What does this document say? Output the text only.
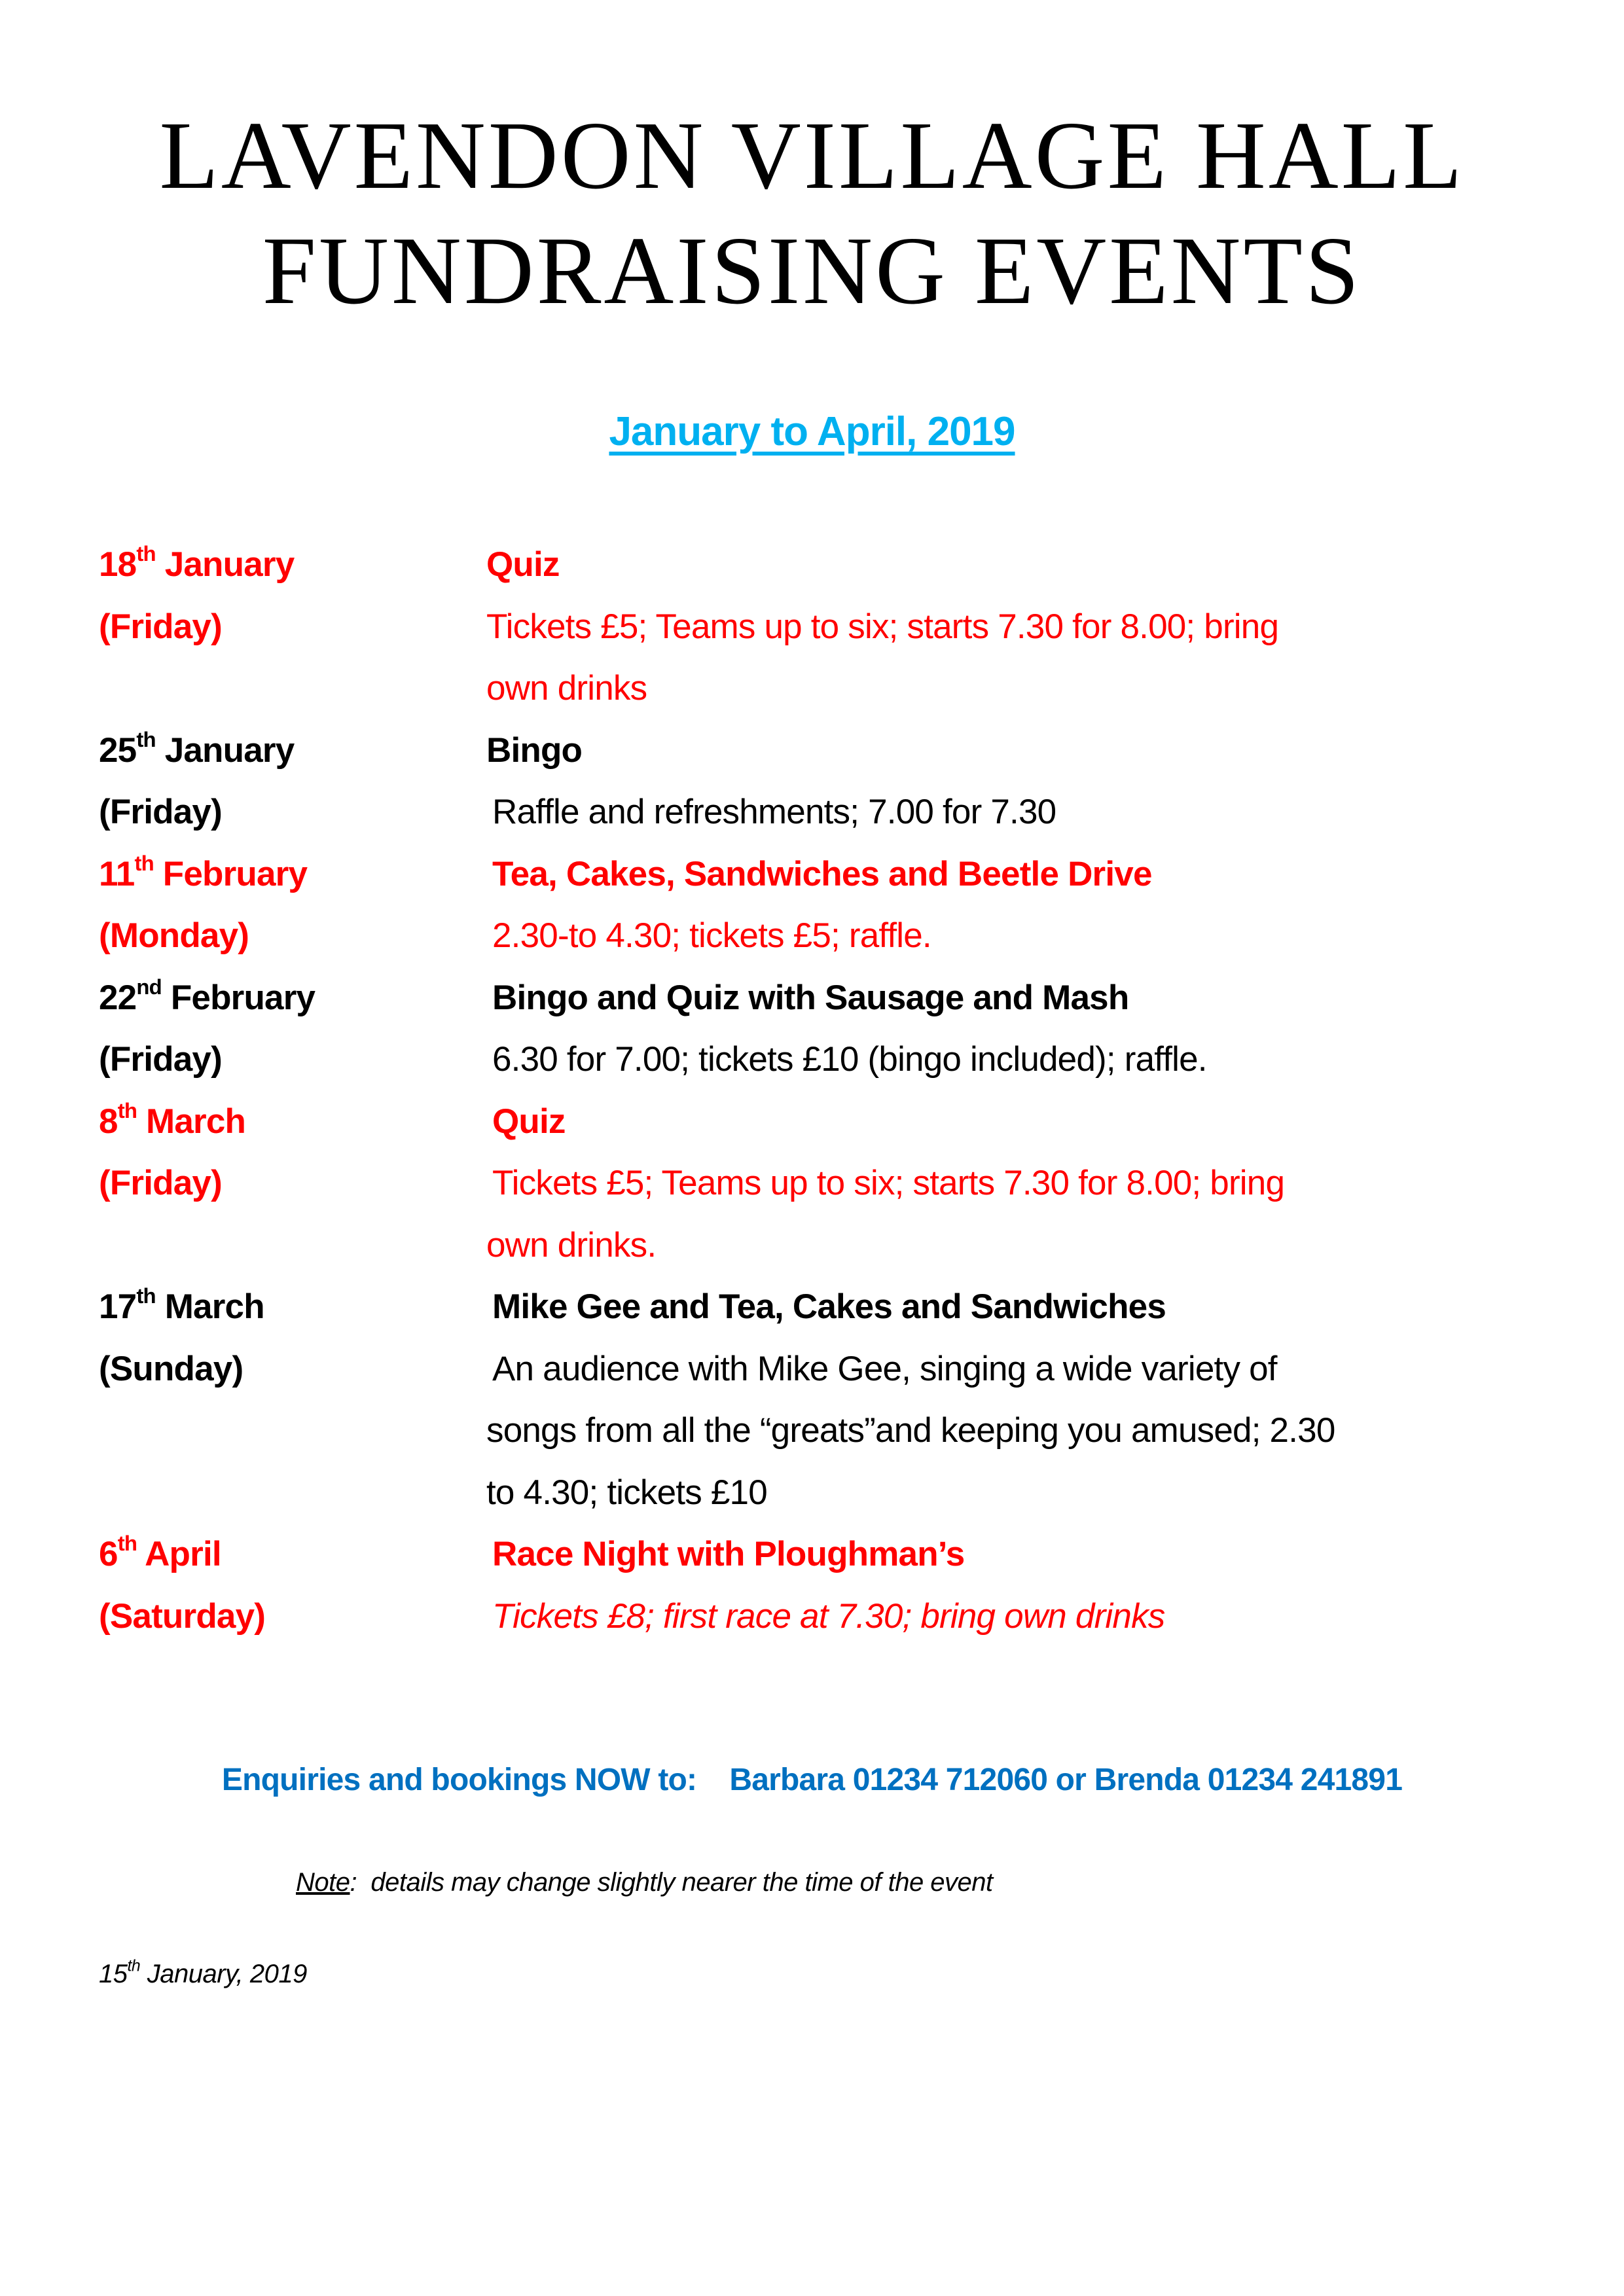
LAVENDON VILLAGE HALL
FUNDRAISING EVENTS
January to April, 2019
18th January	Quiz
(Friday)	Tickets £5; Teams up to six; starts 7.30 for 8.00; bring
own drinks
25th January	Bingo
(Friday)	Raffle and refreshments; 7.00 for 7.30
11th February	Tea, Cakes, Sandwiches and Beetle Drive
(Monday)	2.30-to 4.30; tickets £5; raffle.
22nd February	Bingo and Quiz with Sausage and Mash
(Friday)	6.30 for 7.00; tickets £10 (bingo included); raffle.
8th March	Quiz
(Friday)	Tickets £5; Teams up to six; starts 7.30 for 8.00; bring
own drinks.
17th March	Mike Gee and Tea, Cakes and Sandwiches
(Sunday)	An audience with Mike Gee, singing a wide variety of
songs from all the “greats”and keeping you amused; 2.30
to 4.30; tickets £10
6th April	Race Night with Ploughman’s
(Saturday)	Tickets £8; first race at 7.30; bring own drinks
Enquiries and bookings NOW to:    Barbara 01234 712060 or Brenda 01234 241891
Note:  details may change slightly nearer the time of the event
15th January, 2019
